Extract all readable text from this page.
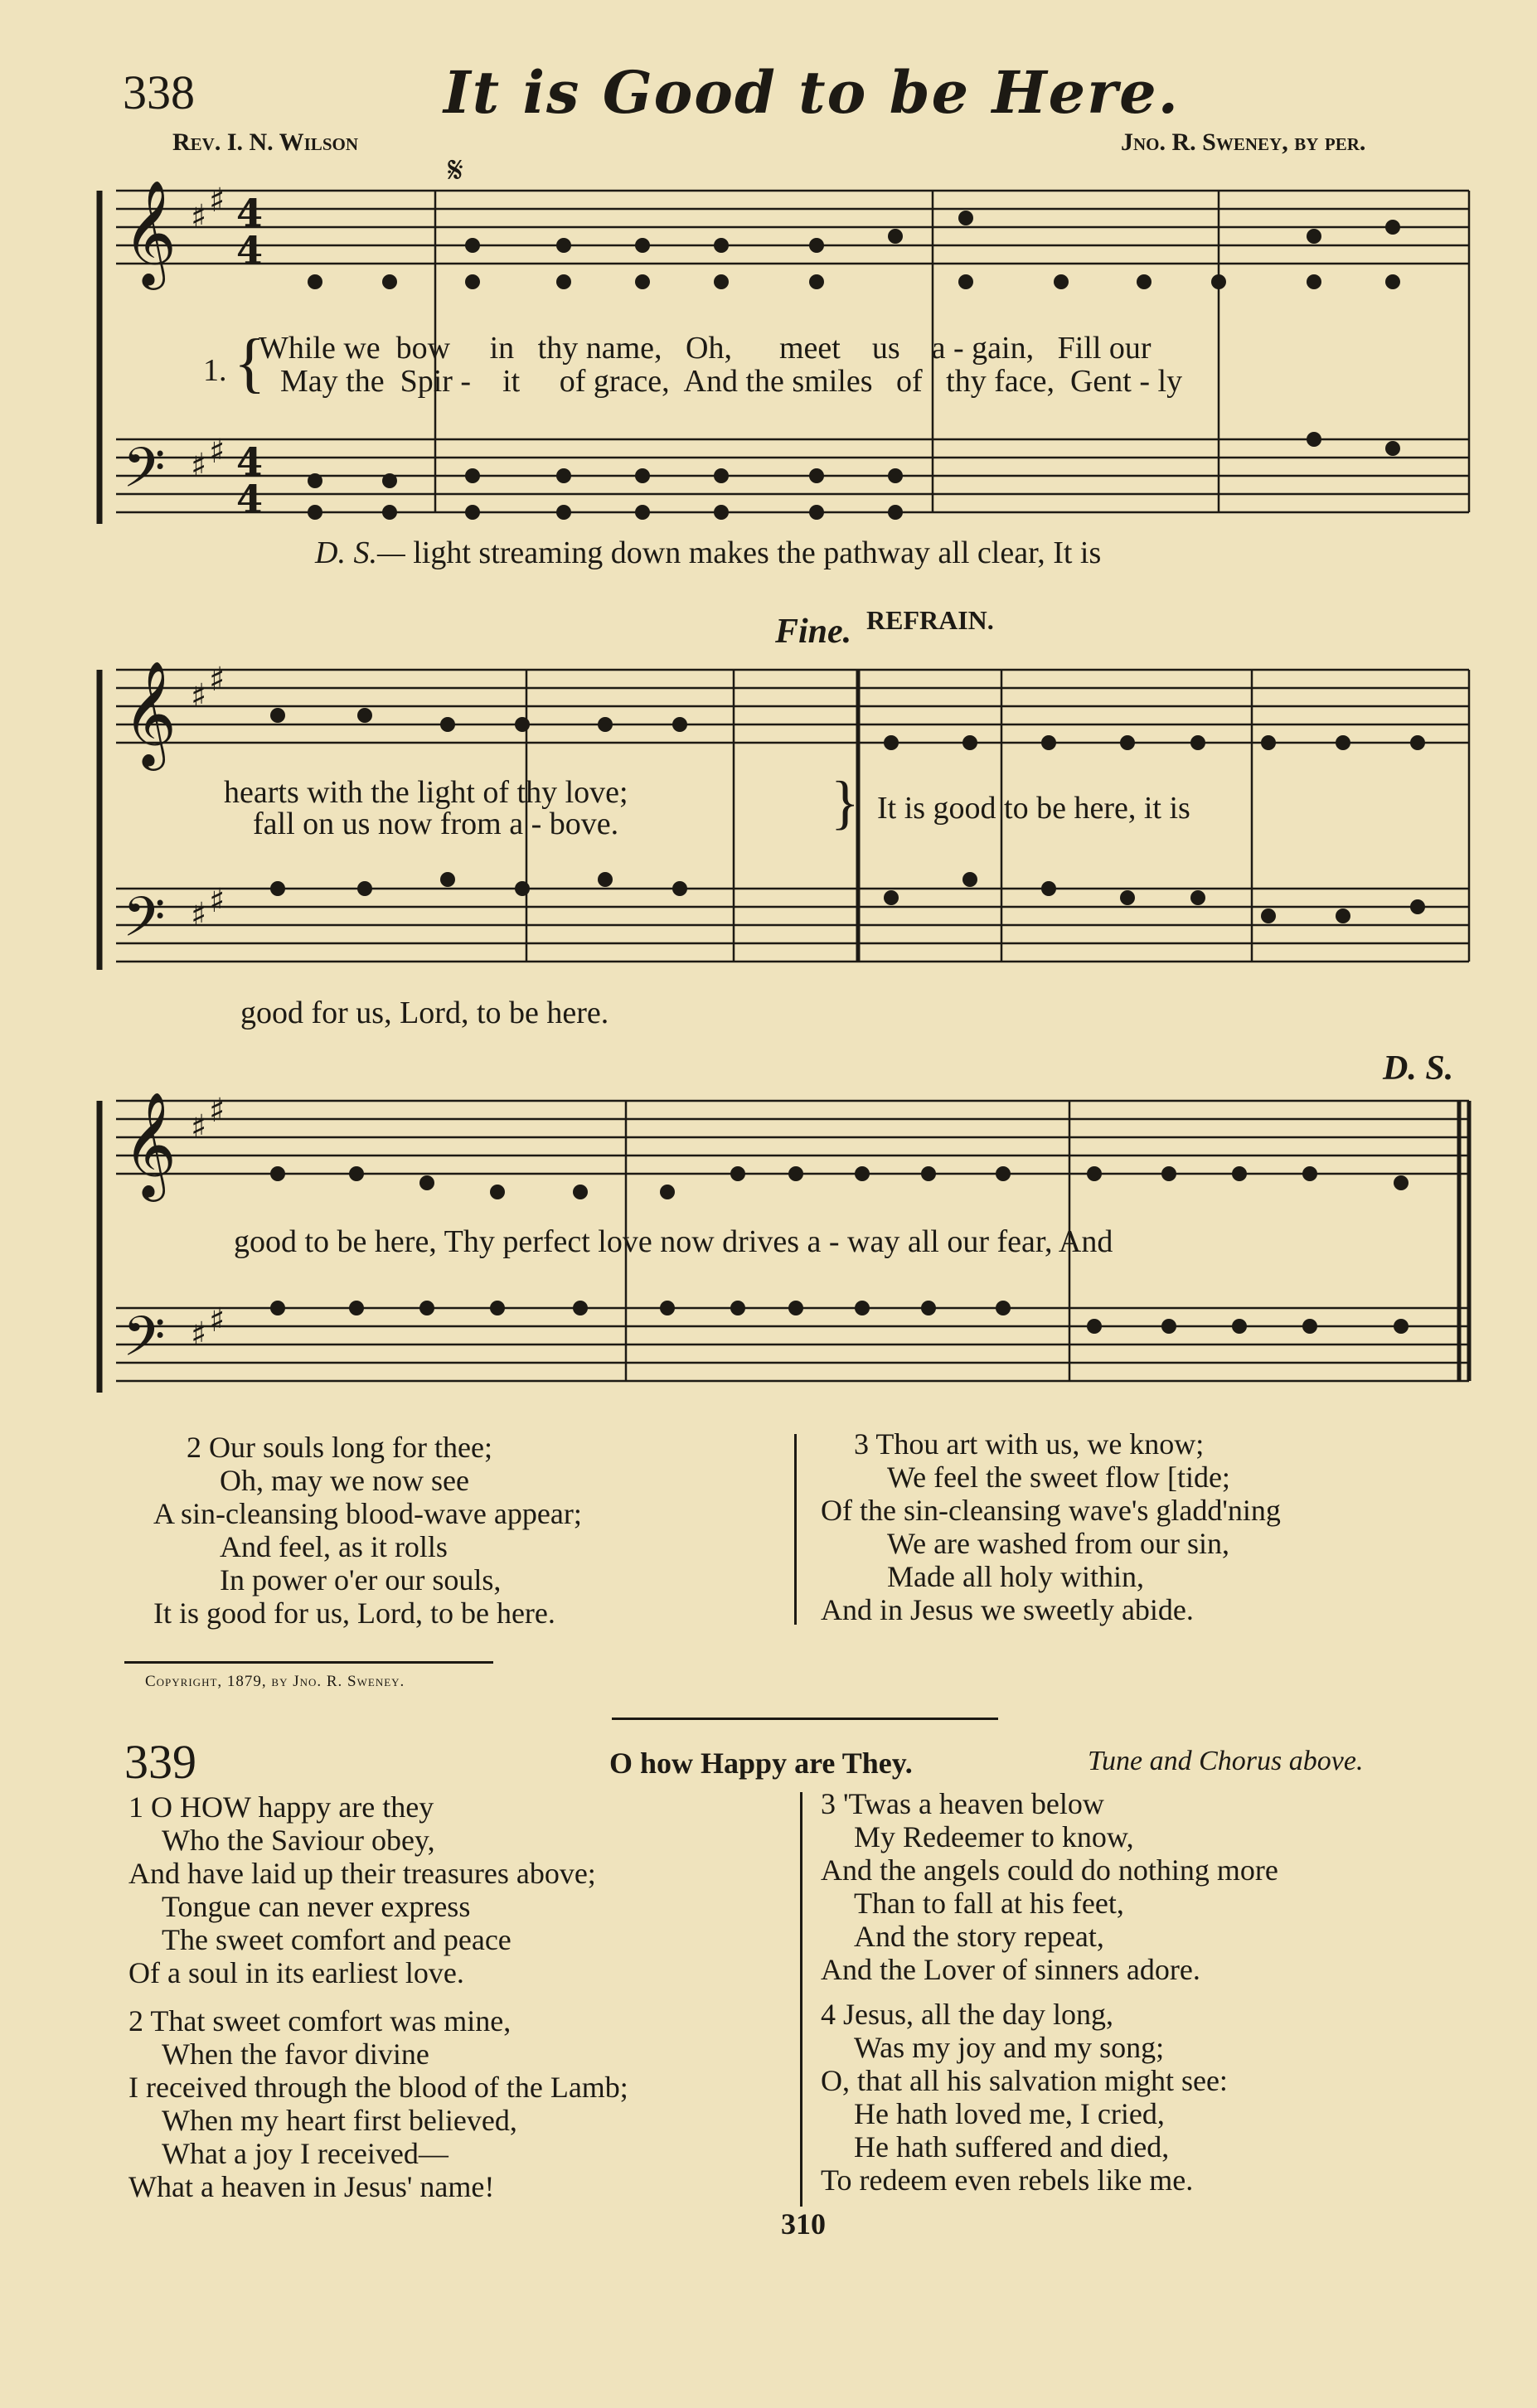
338	It is Good to be Here.
Rev. I. N. Wilson	Jno. R. Sweney, by per.
𝄋
𝄞
𝄢
𝄞
𝄢
𝄞
𝄢
♯ ♯
♯ ♯
♯ ♯
♯ ♯
♯ ♯
♯ ♯
4
4
4
4
1. {
While we bow in thy name, Oh, meet us a - gain, Fill our
May the Spir - it of grace, And the smiles of thy face, Gent - ly
D. S.— light streaming down makes the pathway all clear, It is
Fine. REFRAIN.
hearts with the light of thy love;
fall on us now from a - bove.	} It is good to be here, it is
good for us, Lord, to be here.
D. S.
good to be here, Thy perfect love now drives a - way all our fear, And
2 Our souls long for thee;
Oh, may we now see
A sin-cleansing blood-wave appear;
And feel, as it rolls
In power o'er our souls,
It is good for us, Lord, to be here.
3 Thou art with us, we know;
We feel the sweet flow [tide;
Of the sin-cleansing wave's gladd'ning
We are washed from our sin,
Made all holy within,
And in Jesus we sweetly abide.
Copyright, 1879, by Jno. R. Sweney.
339	O how Happy are They.	Tune and Chorus above.
1 O HOW happy are they
Who the Saviour obey,
And have laid up their treasures above;
Tongue can never express
The sweet comfort and peace
Of a soul in its earliest love.
2 That sweet comfort was mine,
When the favor divine
I received through the blood of the Lamb;
When my heart first believed,
What a joy I received—
What a heaven in Jesus' name!
3 'Twas a heaven below
My Redeemer to know,
And the angels could do nothing more
Than to fall at his feet,
And the story repeat,
And the Lover of sinners adore.
4 Jesus, all the day long,
Was my joy and my song;
O, that all his salvation might see:
He hath loved me, I cried,
He hath suffered and died,
To redeem even rebels like me.
310
